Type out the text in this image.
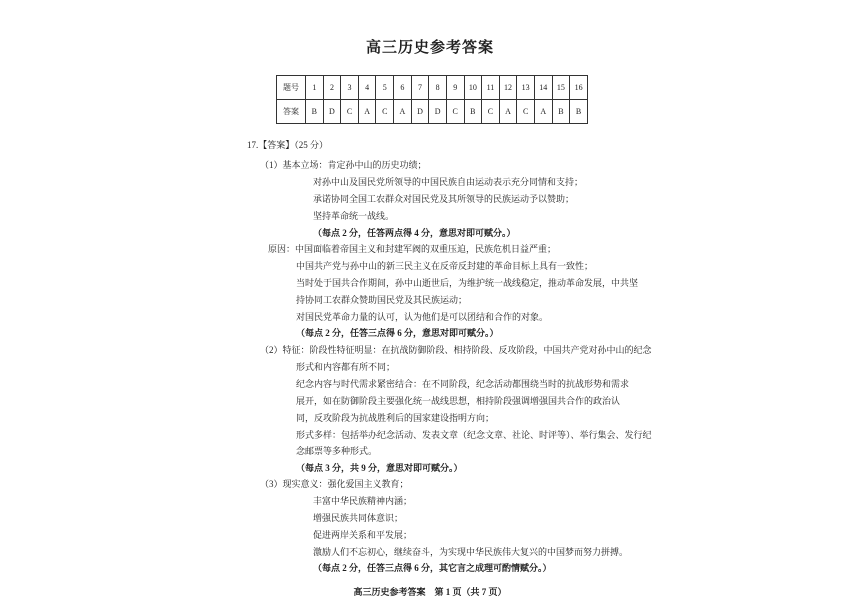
高三历史参考答案
题号	1	2	3	4	5	6	7	8	9	10	11	12	13	14	15	16
答案	B	D	C	A	C	A	D	D	C	B	C	A	C	A	B	B
17.【答案】（25 分）
（1）基本立场：肯定孙中山的历史功绩；
对孙中山及国民党所领导的中国民族自由运动表示充分同情和支持；
承诺协同全国工农群众对国民党及其所领导的民族运动予以赞助；
坚持革命统一战线。
（每点 2 分，任答两点得 4 分，意思对即可赋分。）
原因：中国面临着帝国主义和封建军阀的双重压迫，民族危机日益严重；
中国共产党与孙中山的新三民主义在反帝反封建的革命目标上具有一致性；
当时处于国共合作期间，孙中山逝世后，为维护统一战线稳定，推动革命发展，中共坚
持协同工农群众赞助国民党及其民族运动；
对国民党革命力量的认可，认为他们是可以团结和合作的对象。
（每点 2 分，任答三点得 6 分，意思对即可赋分。）
（2）特征：阶段性特征明显：在抗战防御阶段、相持阶段、反攻阶段，中国共产党对孙中山的纪念
形式和内容都有所不同；
纪念内容与时代需求紧密结合：在不同阶段，纪念活动都围绕当时的抗战形势和需求
展开，如在防御阶段主要强化统一战线思想，相持阶段强调增强国共合作的政治认
同，反攻阶段为抗战胜利后的国家建设指明方向；
形式多样：包括举办纪念活动、发表文章（纪念文章、社论、时评等）、举行集会、发行纪
念邮票等多种形式。
（每点 3 分，共 9 分，意思对即可赋分。）
（3）现实意义：强化爱国主义教育；
丰富中华民族精神内涵；
增强民族共同体意识；
促进两岸关系和平发展；
激励人们不忘初心，继续奋斗，为实现中华民族伟大复兴的中国梦而努力拼搏。
（每点 2 分，任答三点得 6 分，其它言之成理可酌情赋分。）
高三历史参考答案　第 1 页（共 7 页）
